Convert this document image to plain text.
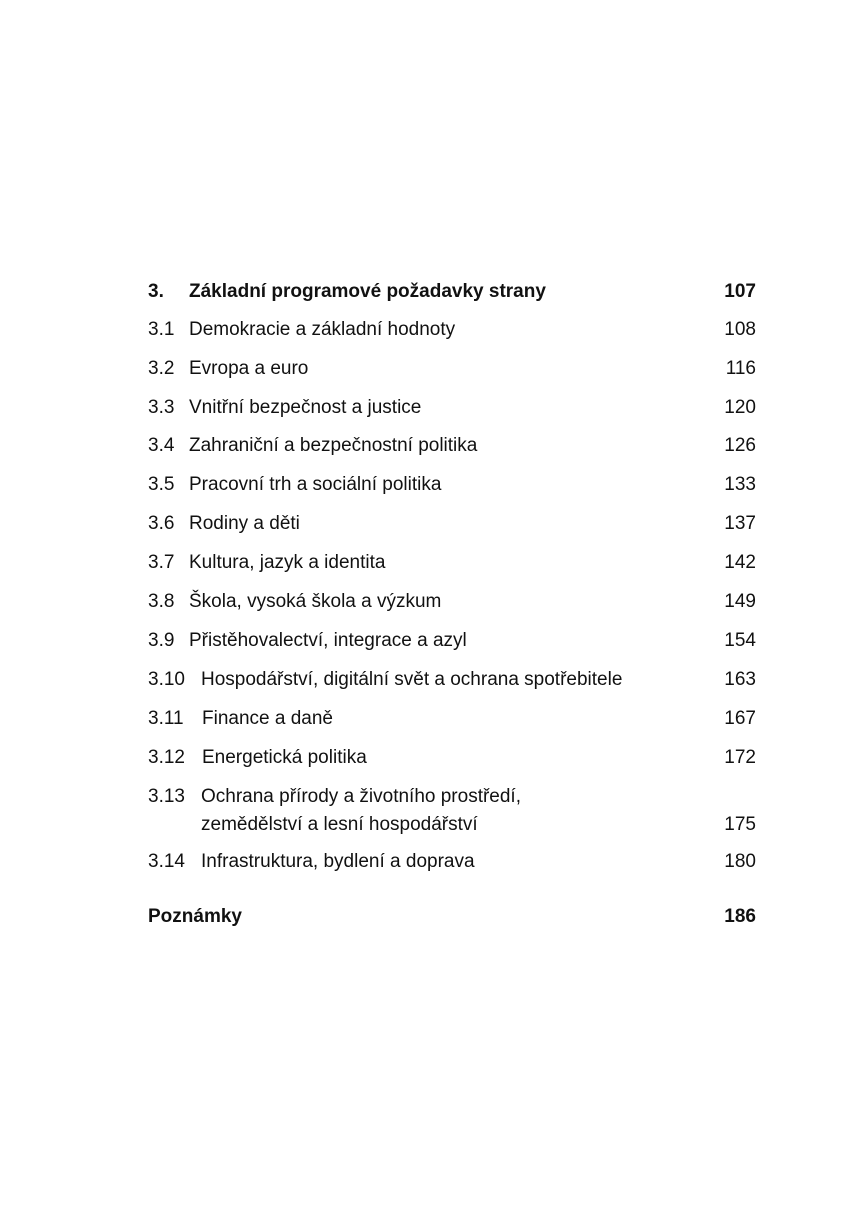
3. Základní programové požadavky strany	107
3.1 Demokracie a základní hodnoty	108
3.2 Evropa a euro	116
3.3 Vnitřní bezpečnost a justice	120
3.4 Zahraniční a bezpečnostní politika	126
3.5 Pracovní trh a sociální politika	133
3.6 Rodiny a děti	137
3.7 Kultura, jazyk a identita	142
3.8 Škola, vysoká škola a výzkum	149
3.9 Přistěhovalectví, integrace a azyl	154
3.10 Hospodářství, digitální svět a ochrana spotřebitele	163
3.11 Finance a daně	167
3.12 Energetická politika	172
3.13 Ochrana přírody a životního prostředí,
zemědělství a lesní hospodářství	175
3.14 Infrastruktura, bydlení a doprava	180
Poznámky	186
